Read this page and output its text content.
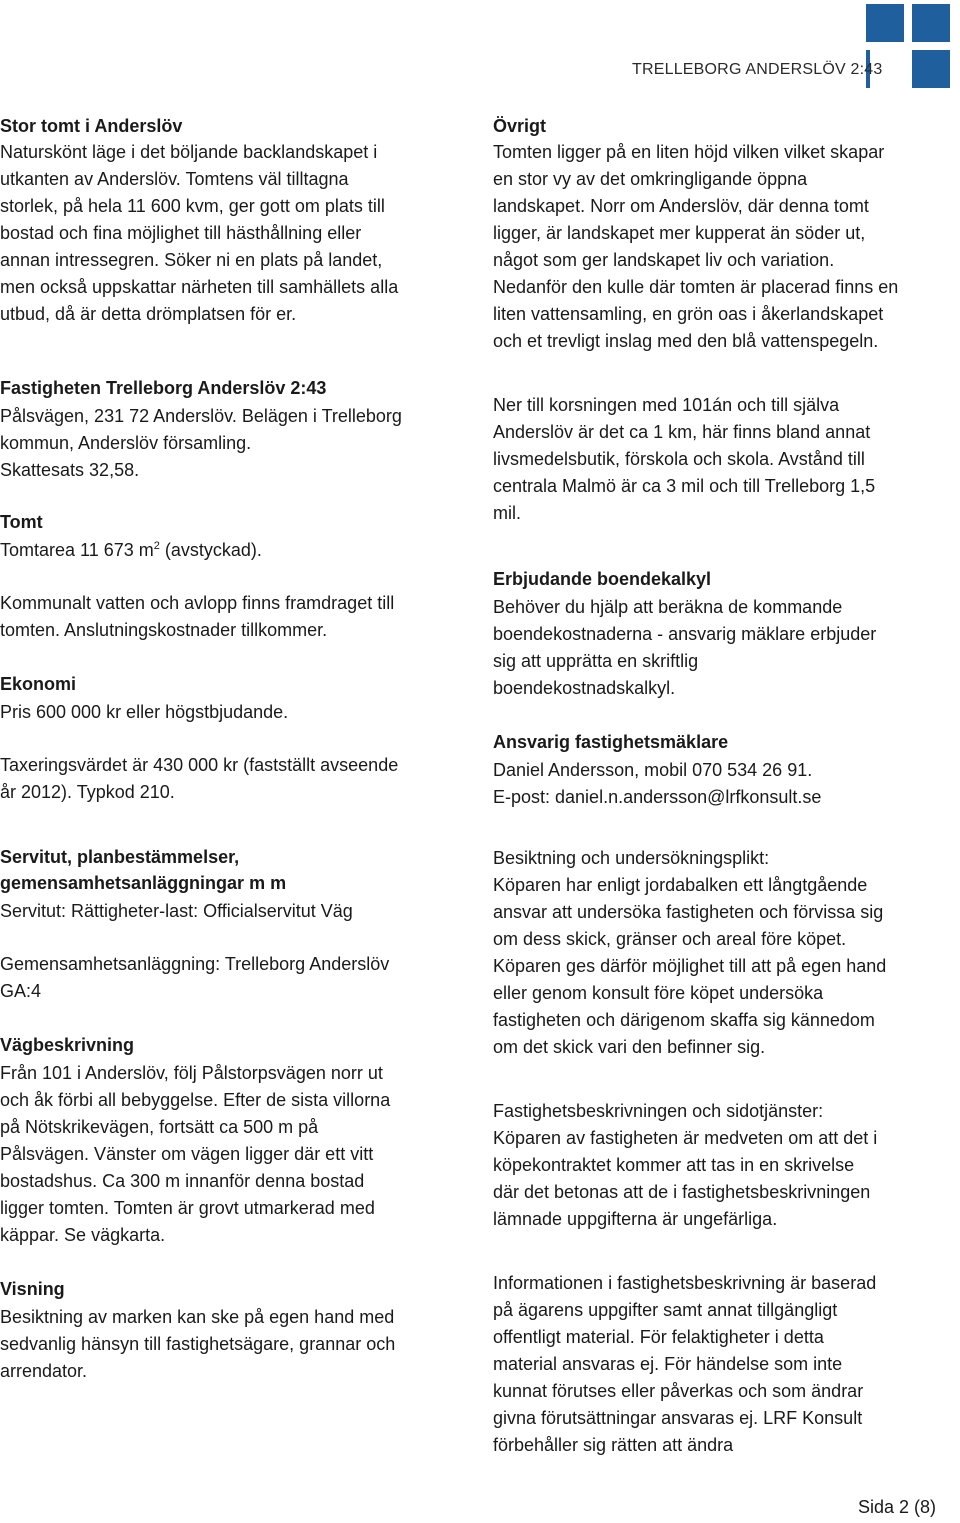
TRELLEBORG ANDERSLÖV 2:43
Stor tomt i Anderslöv
Naturskönt läge i det böljande backlandskapet i
utkanten av Anderslöv. Tomtens väl tilltagna
storlek, på hela 11 600 kvm, ger gott om plats till
bostad och fina möjlighet till hästhållning eller
annan intressegren. Söker ni en plats på landet,
men också uppskattar närheten till samhällets alla
utbud, då är detta drömplatsen för er.
Fastigheten Trelleborg Anderslöv 2:43
Pålsvägen, 231 72 Anderslöv. Belägen i Trelleborg
kommun, Anderslöv församling.
Skattesats 32,58.
Tomt
Tomtarea 11 673 $m^2$ (avstyckad).
Kommunalt vatten och avlopp finns framdraget till
tomten. Anslutningskostnader tillkommer.
Ekonomi
Pris 600 000 kr eller högstbjudande.
Taxeringsvärdet är 430 000 kr (fastställt avseende
år 2012). Typkod 210.
Servitut, planbestämmelser,
gemensamhetsanläggningar m m
Servitut: Rättigheter-last: Officialservitut Väg
Gemensamhetsanläggning: Trelleborg Anderslöv
GA:4
Vägbeskrivning
Från 101 i Anderslöv, följ Pålstorpsvägen norr ut
och åk förbi all bebyggelse. Efter de sista villorna
på Nötskrikevägen, fortsätt ca 500 m på
Pålsvägen. Vänster om vägen ligger där ett vitt
bostadshus. Ca 300 m innanför denna bostad
ligger tomten. Tomten är grovt utmarkerad med
käppar. Se vägkarta.
Visning
Besiktning av marken kan ske på egen hand med
sedvanlig hänsyn till fastighetsägare, grannar och
arrendator.
Övrigt
Tomten ligger på en liten höjd vilken vilket skapar
en stor vy av det omkringligande öppna
landskapet. Norr om Anderslöv, där denna tomt
ligger, är landskapet mer kupperat än söder ut,
något som ger landskapet liv och variation.
Nedanför den kulle där tomten är placerad finns en
liten vattensamling, en grön oas i åkerlandskapet
och et trevligt inslag med den blå vattenspegeln.
Ner till korsningen med 101án och till själva
Anderslöv är det ca 1 km, här finns bland annat
livsmedelsbutik, förskola och skola. Avstånd till
centrala Malmö är ca 3 mil och till Trelleborg 1,5
mil.
Erbjudande boendekalkyl
Behöver du hjälp att beräkna de kommande
boendekostnaderna - ansvarig mäklare erbjuder
sig att upprätta en skriftlig
boendekostnadskalkyl.
Ansvarig fastighetsmäklare
Daniel Andersson, mobil 070 534 26 91.
E-post: daniel.n.andersson@lrfkonsult.se
Besiktning och undersökningsplikt:
Köparen har enligt jordabalken ett långtgående
ansvar att undersöka fastigheten och förvissa sig
om dess skick, gränser och areal före köpet.
Köparen ges därför möjlighet till att på egen hand
eller genom konsult före köpet undersöka
fastigheten och därigenom skaffa sig kännedom
om det skick vari den befinner sig.
Fastighetsbeskrivningen och sidotjänster:
Köparen av fastigheten är medveten om att det i
köpekontraktet kommer att tas in en skrivelse
där det betonas att de i fastighetsbeskrivningen
lämnade uppgifterna är ungefärliga.
Informationen i fastighetsbeskrivning är baserad
på ägarens uppgifter samt annat tillgängligt
offentligt material. För felaktigheter i detta
material ansvaras ej. För händelse som inte
kunnat förutses eller påverkas och som ändrar
givna förutsättningar ansvaras ej. LRF Konsult
förbehåller sig rätten att ändra
Sida 2 (8)
